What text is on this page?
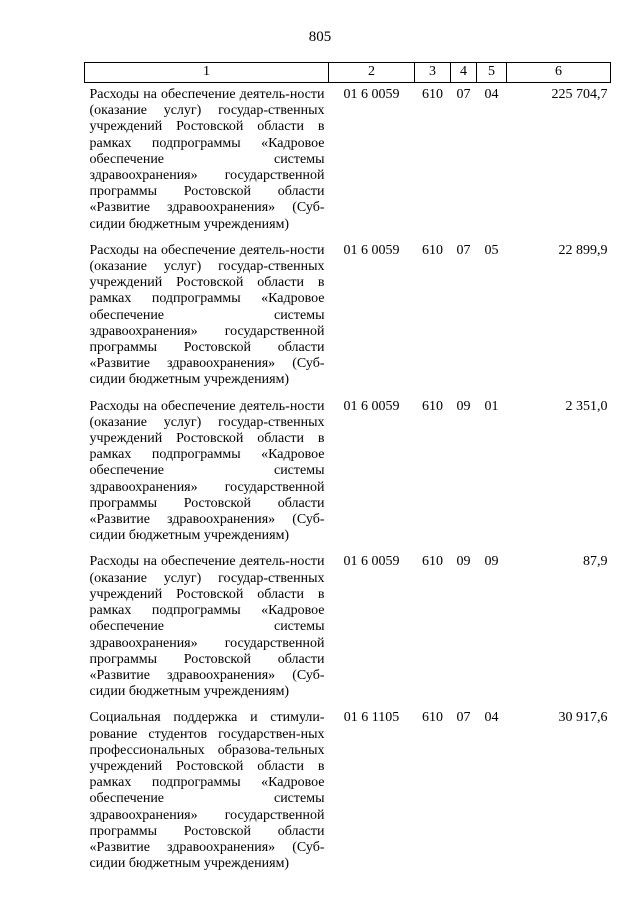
805
1	2	3	4	5	6
Расходы на обеспечение деятель-ности (оказание услуг) государ-ственных учреждений Ростовской области в рамках подпрограммы «Кадровое обеспечение системы здравоохранения» государственной программы Ростовской области «Развитие здравоохранения» (Суб-сидии бюджетным учреждениям)	01 6 0059	610	07	04	225 704,7
Расходы на обеспечение деятель-ности (оказание услуг) государ-ственных учреждений Ростовской области в рамках подпрограммы «Кадровое обеспечение системы здравоохранения» государственной программы Ростовской области «Развитие здравоохранения» (Суб-сидии бюджетным учреждениям)	01 6 0059	610	07	05	22 899,9
Расходы на обеспечение деятель-ности (оказание услуг) государ-ственных учреждений Ростовской области в рамках подпрограммы «Кадровое обеспечение системы здравоохранения» государственной программы Ростовской области «Развитие здравоохранения» (Суб-сидии бюджетным учреждениям)	01 6 0059	610	09	01	2 351,0
Расходы на обеспечение деятель-ности (оказание услуг) государ-ственных учреждений Ростовской области в рамках подпрограммы «Кадровое обеспечение системы здравоохранения» государственной программы Ростовской области «Развитие здравоохранения» (Суб-сидии бюджетным учреждениям)	01 6 0059	610	09	09	87,9
Социальная поддержка и стимули-рование студентов государствен-ных профессиональных образова-тельных учреждений Ростовской области в рамках подпрограммы «Кадровое обеспечение системы здравоохранения» государственной программы Ростовской области «Развитие здравоохранения» (Суб-сидии бюджетным учреждениям)	01 6 1105	610	07	04	30 917,6
